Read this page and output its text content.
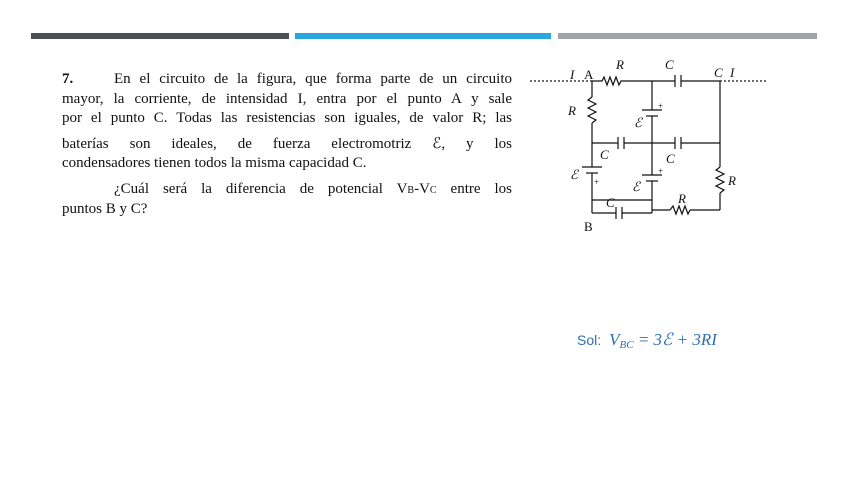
7.	En el circuito de la figura, que forma parte de un circuito
mayor, la corriente, de intensidad I, entra por el punto A y sale
por el punto C. Todas las resistencias son iguales, de valor R; las
baterías son ideales, de fuerza electromotriz ℰ, y los
condensadores tienen todos la misma capacidad C.
¿Cuál será la diferencia de potencial VB-VC entre los
puntos B y C?
I A
R	C
C I
R	+
ℰ
C	C
ℰ +
+
ℰ	R
R
C
B
Sol: VBC = 3ℰ + 3RI
